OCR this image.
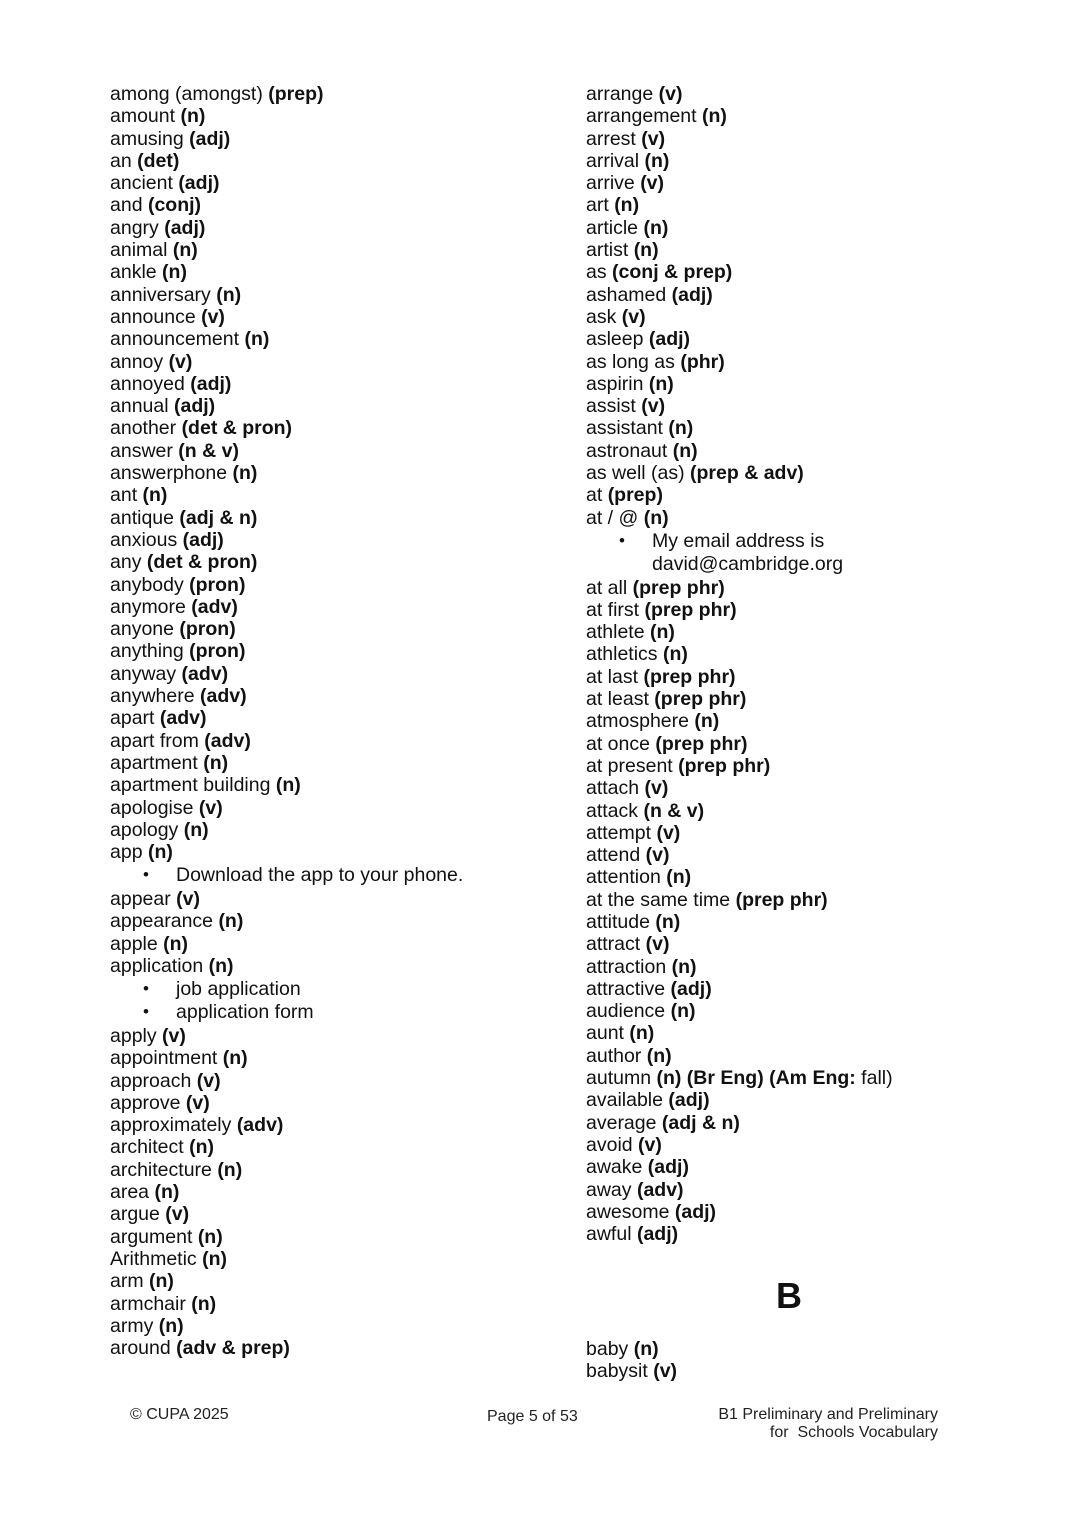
among (amongst) (prep)
amount (n)
amusing (adj)
an (det)
ancient (adj)
and (conj)
angry (adj)
animal (n)
ankle (n)
anniversary (n)
announce (v)
announcement (n)
annoy (v)
annoyed (adj)
annual (adj)
another (det & pron)
answer (n & v)
answerphone (n)
ant (n)
antique (adj & n)
anxious (adj)
any (det & pron)
anybody (pron)
anymore (adv)
anyone (pron)
anything (pron)
anyway (adv)
anywhere (adv)
apart (adv)
apart from (adv)
apartment (n)
apartment building (n)
apologise (v)
apology (n)
app (n)
• Download the app to your phone.
appear (v)
appearance (n)
apple (n)
application (n)
• job application
• application form
apply (v)
appointment (n)
approach (v)
approve (v)
approximately (adv)
architect (n)
architecture (n)
area (n)
argue (v)
argument (n)
Arithmetic (n)
arm (n)
armchair (n)
army (n)
around (adv & prep)
arrange (v)
arrangement (n)
arrest (v)
arrival (n)
arrive (v)
art (n)
article (n)
artist (n)
as (conj & prep)
ashamed (adj)
ask (v)
asleep (adj)
as long as (phr)
aspirin (n)
assist (v)
assistant (n)
astronaut (n)
as well (as) (prep & adv)
at (prep)
at / @ (n)
• My email address is
david@cambridge.org
at all (prep phr)
at first (prep phr)
athlete (n)
athletics (n)
at last (prep phr)
at least (prep phr)
atmosphere (n)
at once (prep phr)
at present (prep phr)
attach (v)
attack (n & v)
attempt (v)
attend (v)
attention (n)
at the same time (prep phr)
attitude (n)
attract (v)
attraction (n)
attractive (adj)
audience (n)
aunt (n)
author (n)
autumn (n) (Br Eng) (Am Eng: fall)
available (adj)
average (adj & n)
avoid (v)
awake (adj)
away (adv)
awesome (adj)
awful (adj)
B
baby (n)
babysit (v)
© CUPA 2025	Page 5 of 53	B1 Preliminary and Preliminary
for  Schools Vocabulary
